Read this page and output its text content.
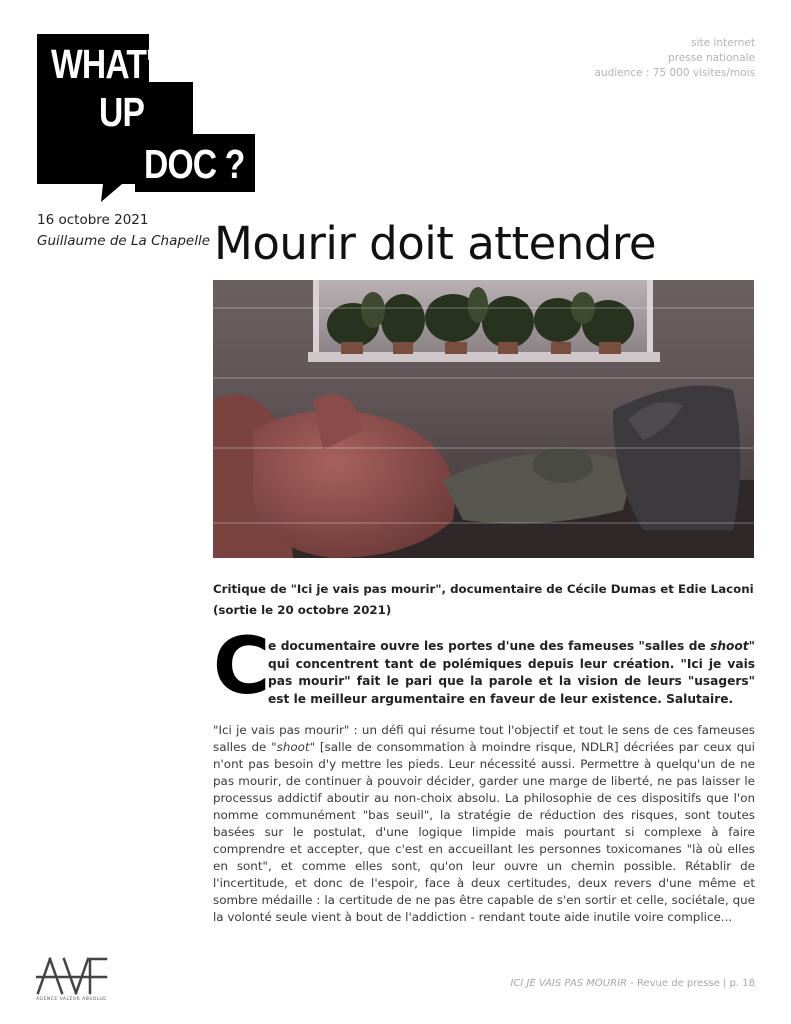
WHAT'S
UP
DOC ?
site internet
presse nationale
audience : 75 000 visites/mois
16 octobre 2021
Guillaume de La Chapelle Mourir doit attendre
Critique de "Ici je vais pas mourir", documentaire de Cécile Dumas et Edie Laconi
(sortie le 20 octobre 2021)
C
e documentaire ouvre les portes d'une des fameuses "salles de shoot" qui concentrent tant de polémiques depuis leur création. "Ici je vais pas mourir" fait le pari que la parole et la vision de leurs "usagers" est le meilleur argumentaire en faveur de leur existence. Salutaire.

"Ici je vais pas mourir" : un défi qui résume tout l'objectif et tout le sens de ces fameuses salles de "shoot" [salle de consommation à moindre risque, NDLR] décriées par ceux qui n'ont pas besoin d'y mettre les pieds. Leur nécessité aussi. Permettre à quelqu'un de ne pas mourir, de continuer à pouvoir décider, garder une marge de liberté, ne pas laisser le processus addictif aboutir au non-choix absolu. La philosophie de ces dispositifs que l'on nomme communément "bas seuil", la stratégie de réduction des risques, sont toutes basées sur le postulat, d'une logique limpide mais pourtant si complexe à faire comprendre et accepter, que c'est en accueillant les personnes toxicomanes "là où elles en sont", et comme elles sont, qu'on leur ouvre un chemin possible. Rétablir de l'incertitude, et donc de l'espoir, face à deux certitudes, deux revers d'une même et sombre médaille : la certitude de ne pas être capable de s'en sortir et celle, sociétale, que la volonté seule vient à bout de l'addiction - rendant toute aide inutile voire complice...

AGENCE VALEUR ABSOLUE
ICI JE VAIS PAS MOURIR - Revue de presse | p. 18
